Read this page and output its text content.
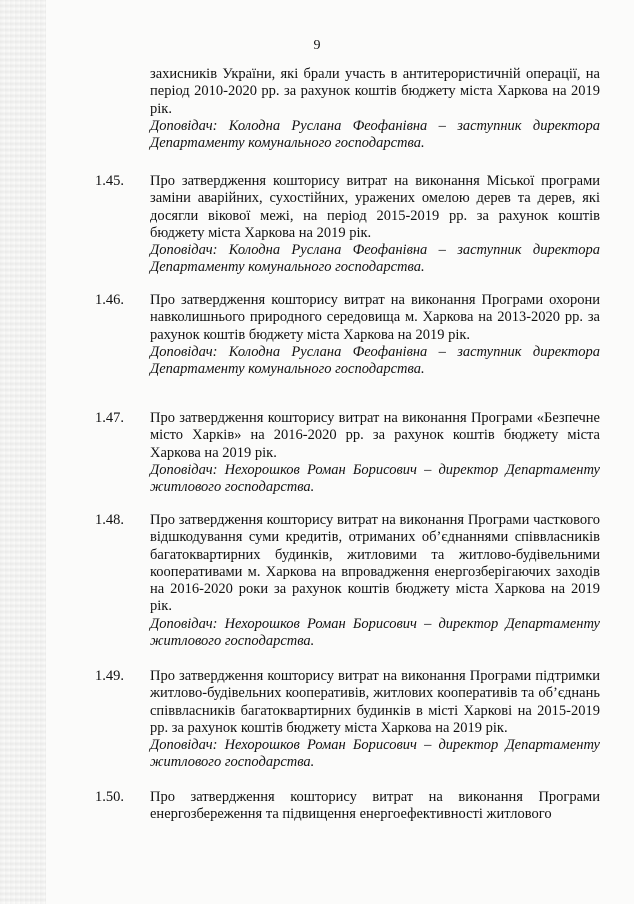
9

захисників України, які брали участь в антитерористичній операції, на період 2010-2020 рр. за рахунок коштів бюджету міста Харкова на 2019 рік.

Доповідач: Колодна Руслана Феофанівна – заступник директора Департаменту комунального господарства.

1.45.	Про затвердження кошторису витрат на виконання Міської програми заміни аварійних, сухостійних, уражених омелою дерев та дерев, які досягли вікової межі, на період 2015-2019 рр. за рахунок коштів бюджету міста Харкова на 2019 рік.

Доповідач: Колодна Руслана Феофанівна – заступник директора Департаменту комунального господарства.

1.46.	Про затвердження кошторису витрат на виконання Програми охорони навколишнього природного середовища м. Харкова на 2013-2020 рр. за рахунок коштів бюджету міста Харкова на 2019 рік.

Доповідач: Колодна Руслана Феофанівна – заступник директора Департаменту комунального господарства.

1.47.	Про затвердження кошторису витрат на виконання Програми «Безпечне місто Харків» на 2016-2020 рр. за рахунок коштів бюджету міста Харкова на 2019 рік.

Доповідач: Нехорошков Роман Борисович – директор Департаменту житлового господарства.

1.48.	Про затвердження кошторису витрат на виконання Програми часткового відшкодування суми кредитів, отриманих об’єднаннями співвласників багатоквартирних будинків, житловими та житлово-будівельними кооперативами м. Харкова на впровадження енергозберігаючих заходів на 2016-2020 роки за рахунок коштів бюджету міста Харкова на 2019 рік.

Доповідач: Нехорошков Роман Борисович – директор Департаменту житлового господарства.

1.49.	Про затвердження кошторису витрат на виконання Програми підтримки житлово-будівельних кооперативів, житлових кооперативів та об’єднань співвласників багатоквартирних будинків в місті Харкові на 2015-2019 рр. за рахунок коштів бюджету міста Харкова на 2019 рік.

Доповідач: Нехорошков Роман Борисович – директор Департаменту житлового господарства.

1.50.	Про затвердження кошторису витрат на виконання Програми енергозбереження та підвищення енергоефективності житлового
